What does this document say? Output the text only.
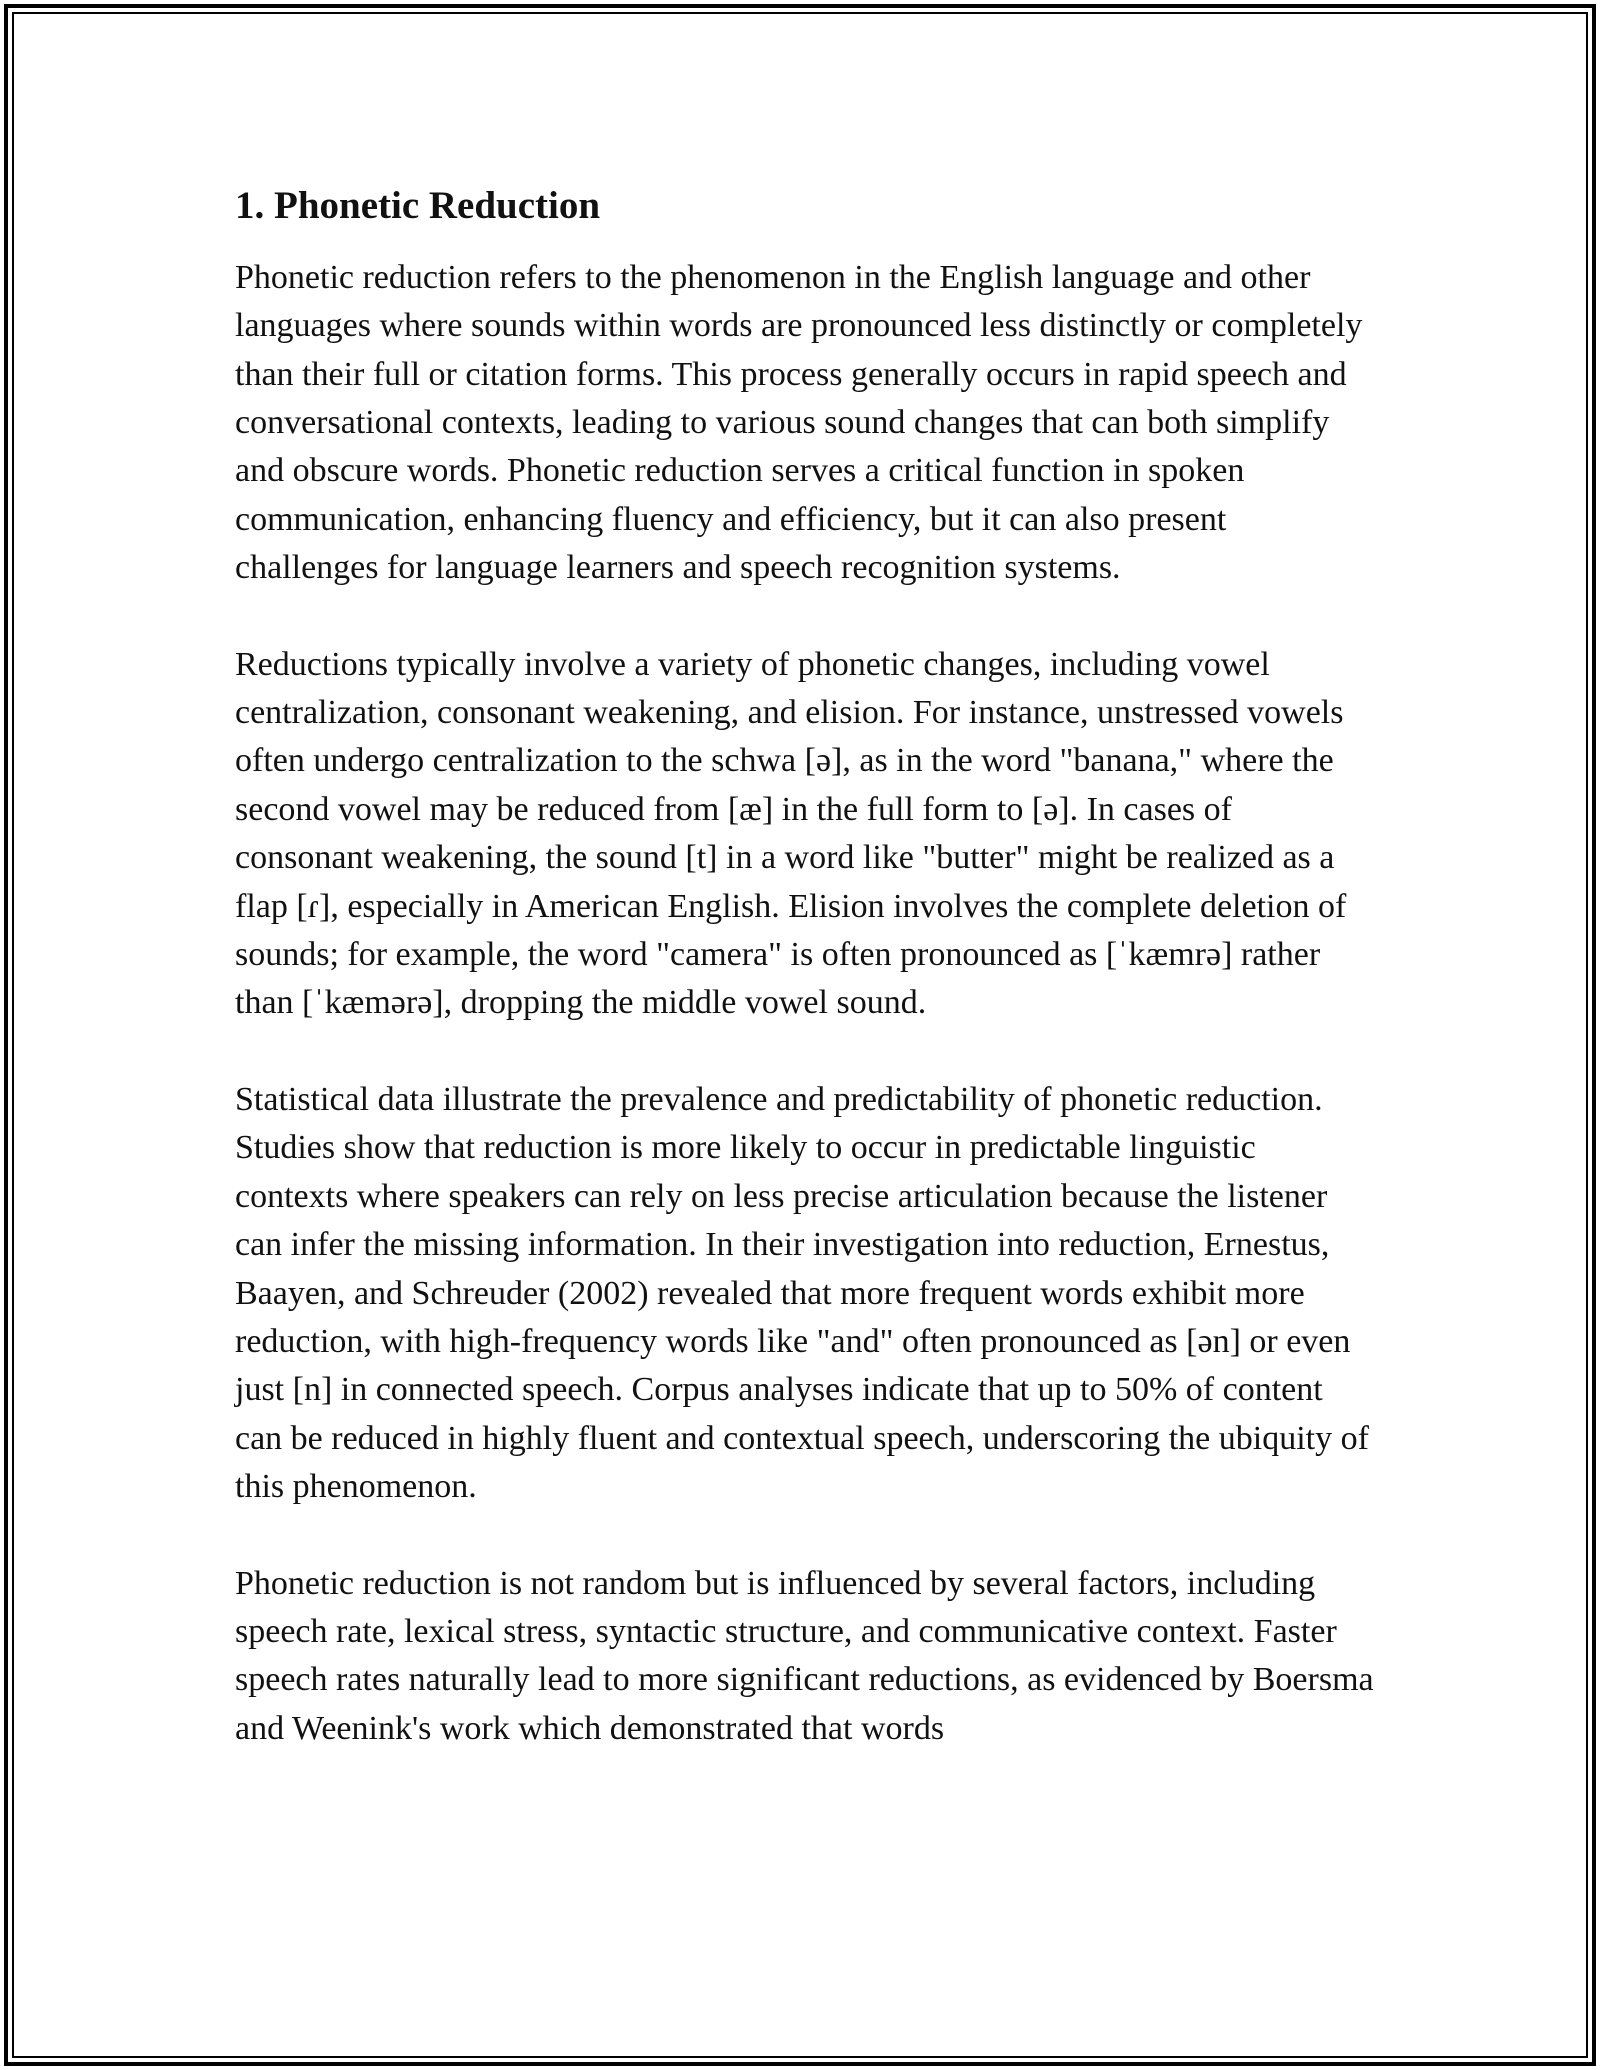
1. Phonetic Reduction

Phonetic reduction refers to the phenomenon in the English language and other languages where sounds within words are pronounced less distinctly or completely than their full or citation forms. This process generally occurs in rapid speech and conversational contexts, leading to various sound changes that can both simplify and obscure words. Phonetic reduction serves a critical function in spoken communication, enhancing fluency and efficiency, but it can also present challenges for language learners and speech recognition systems.

Reductions typically involve a variety of phonetic changes, including vowel centralization, consonant weakening, and elision. For instance, unstressed vowels often undergo centralization to the schwa [ə], as in the word "banana," where the second vowel may be reduced from [æ] in the full form to [ə]. In cases of consonant weakening, the sound [t] in a word like "butter" might be realized as a flap [ɾ], especially in American English. Elision involves the complete deletion of sounds; for example, the word "camera" is often pronounced as [ˈkæmrə] rather than [ˈkæmərə], dropping the middle vowel sound.

Statistical data illustrate the prevalence and predictability of phonetic reduction. Studies show that reduction is more likely to occur in predictable linguistic contexts where speakers can rely on less precise articulation because the listener can infer the missing information. In their investigation into reduction, Ernestus, Baayen, and Schreuder (2002) revealed that more frequent words exhibit more reduction, with high-frequency words like "and" often pronounced as [ən] or even just [n] in connected speech. Corpus analyses indicate that up to 50% of content can be reduced in highly fluent and contextual speech, underscoring the ubiquity of this phenomenon.

Phonetic reduction is not random but is influenced by several factors, including speech rate, lexical stress, syntactic structure, and communicative context. Faster speech rates naturally lead to more significant reductions, as evidenced by Boersma and Weenink's work which demonstrated that words
